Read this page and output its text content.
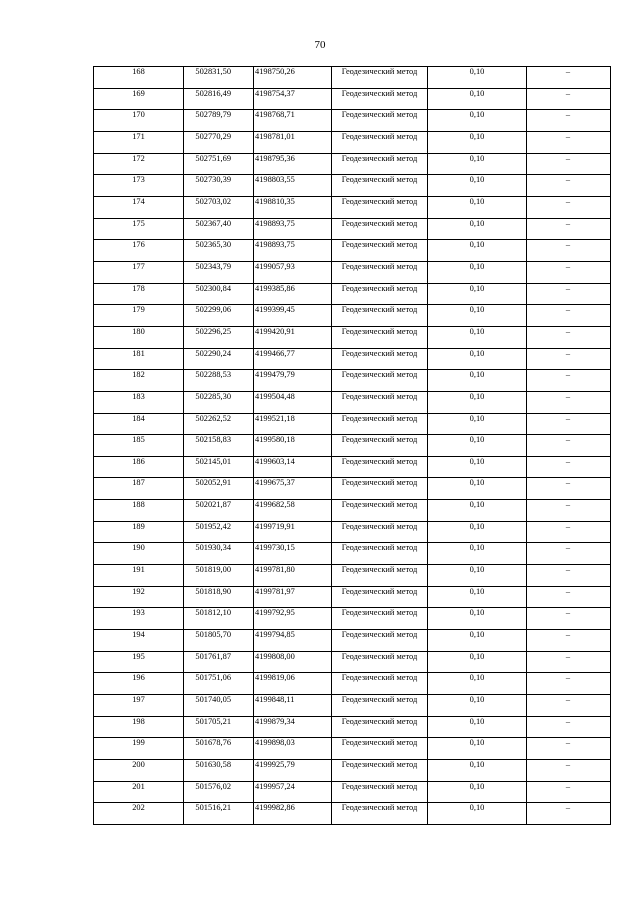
70
168	502831,50	4198750,26	Геодезический метод	0,10	–
169	502816,49	4198754,37	Геодезический метод	0,10	–
170	502789,79	4198768,71	Геодезический метод	0,10	–
171	502770,29	4198781,01	Геодезический метод	0,10	–
172	502751,69	4198795,36	Геодезический метод	0,10	–
173	502730,39	4198803,55	Геодезический метод	0,10	–
174	502703,02	4198810,35	Геодезический метод	0,10	–
175	502367,40	4198893,75	Геодезический метод	0,10	–
176	502365,30	4198893,75	Геодезический метод	0,10	–
177	502343,79	4199057,93	Геодезический метод	0,10	–
178	502300,84	4199385,86	Геодезический метод	0,10	–
179	502299,06	4199399,45	Геодезический метод	0,10	–
180	502296,25	4199420,91	Геодезический метод	0,10	–
181	502290,24	4199466,77	Геодезический метод	0,10	–
182	502288,53	4199479,79	Геодезический метод	0,10	–
183	502285,30	4199504,48	Геодезический метод	0,10	–
184	502262,52	4199521,18	Геодезический метод	0,10	–
185	502158,83	4199580,18	Геодезический метод	0,10	–
186	502145,01	4199603,14	Геодезический метод	0,10	–
187	502052,91	4199675,37	Геодезический метод	0,10	–
188	502021,87	4199682,58	Геодезический метод	0,10	–
189	501952,42	4199719,91	Геодезический метод	0,10	–
190	501930,34	4199730,15	Геодезический метод	0,10	–
191	501819,00	4199781,80	Геодезический метод	0,10	–
192	501818,90	4199781,97	Геодезический метод	0,10	–
193	501812,10	4199792,95	Геодезический метод	0,10	–
194	501805,70	4199794,85	Геодезический метод	0,10	–
195	501761,87	4199808,00	Геодезический метод	0,10	–
196	501751,06	4199819,06	Геодезический метод	0,10	–
197	501740,05	4199848,11	Геодезический метод	0,10	–
198	501705,21	4199879,34	Геодезический метод	0,10	–
199	501678,76	4199898,03	Геодезический метод	0,10	–
200	501630,58	4199925,79	Геодезический метод	0,10	–
201	501576,02	4199957,24	Геодезический метод	0,10	–
202	501516,21	4199982,86	Геодезический метод	0,10	–
